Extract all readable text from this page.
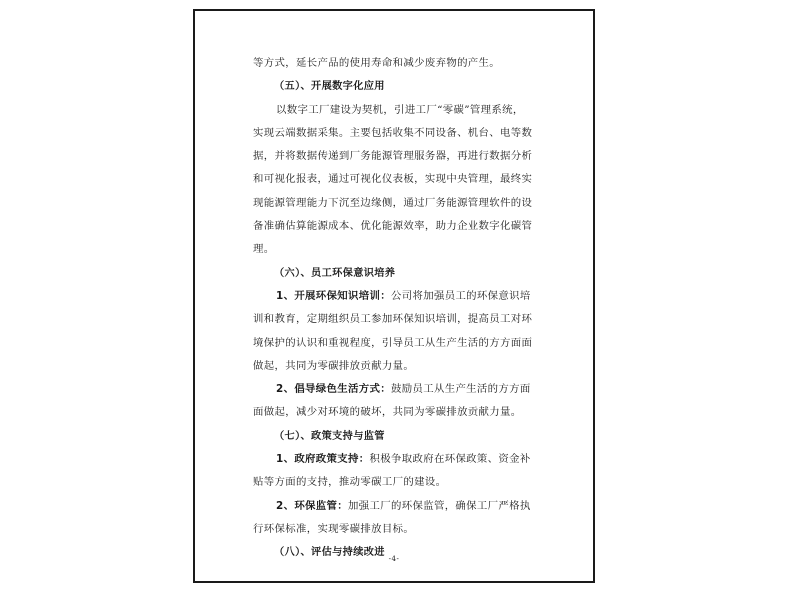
等方式，延长产品的使用寿命和减少废弃物的产生。
（五）、开展数字化应用
以数字工厂建设为契机，引进工厂“零碳”管理系统，
实现云端数据采集。主要包括收集不同设备、机台、电等数
据，并将数据传递到厂务能源管理服务器，再进行数据分析
和可视化报表，通过可视化仪表板，实现中央管理，最终实
现能源管理能力下沉至边缘侧，通过厂务能源管理软件的设
备准确估算能源成本、优化能源效率，助力企业数字化碳管
理。
（六）、员工环保意识培养
1、开展环保知识培训：公司将加强员工的环保意识培
训和教育，定期组织员工参加环保知识培训，提高员工对环
境保护的认识和重视程度，引导员工从生产生活的方方面面
做起，共同为零碳排放贡献力量。
2、倡导绿色生活方式：鼓励员工从生产生活的方方面
面做起，减少对环境的破坏，共同为零碳排放贡献力量。
（七）、政策支持与监管
1、政府政策支持：积极争取政府在环保政策、资金补
贴等方面的支持，推动零碳工厂的建设。
2、环保监管：加强工厂的环保监管，确保工厂严格执
行环保标准，实现零碳排放目标。
（八）、评估与持续改进
-4-
